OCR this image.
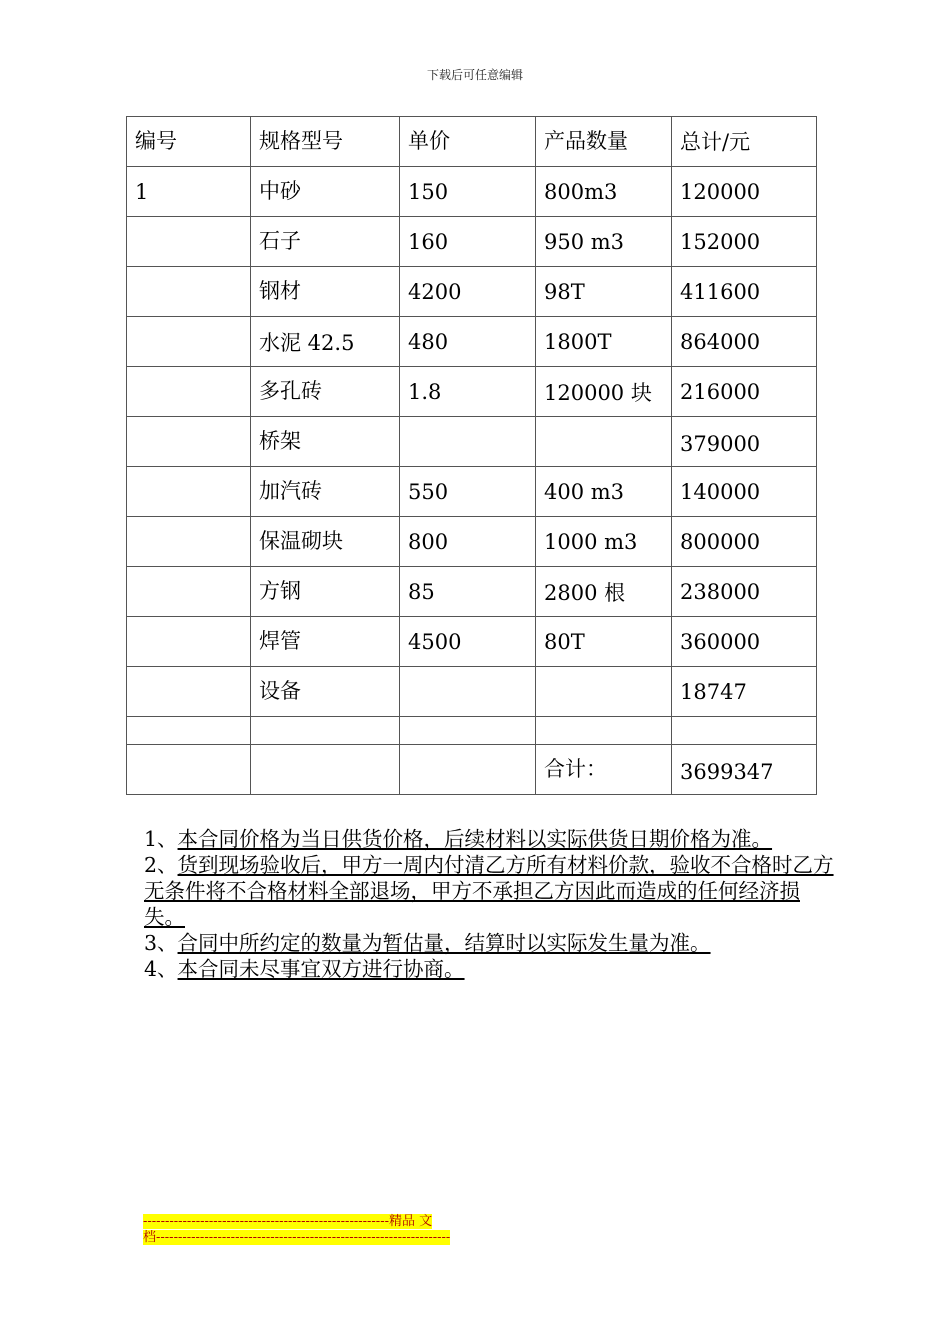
下载后可任意编辑
编号	规格型号	单价	产品数量	总计/元
1	中砂	150	800m3	120000
	石子	160	950 m3	152000
	钢材	4200	98T	411600
	水泥 42.5	480	1800T	864000
	多孔砖	1.8	120000 块	216000
	桥架			379000
	加汽砖	550	400 m3	140000
	保温砌块	800	1000 m3	800000
	方钢	85	2800 根	238000
	焊管	4500	80T	360000
	设备			18747

			合计：	3699347

1、本合同价格为当日供货价格，后续材料以实际供货日期价格为准。

2、货到现场验收后，甲方一周内付清乙方所有材料价款，验收不合格时乙方无条件将不合格材料全部退场，甲方不承担乙方因此而造成的任何经济损失。

3、合同中所约定的数量为暂估量，结算时以实际发生量为准。

4、本合同未尽事宜双方进行协商。

--------------------------------------------------------精品 文
档-------------------------------------------------------------------
